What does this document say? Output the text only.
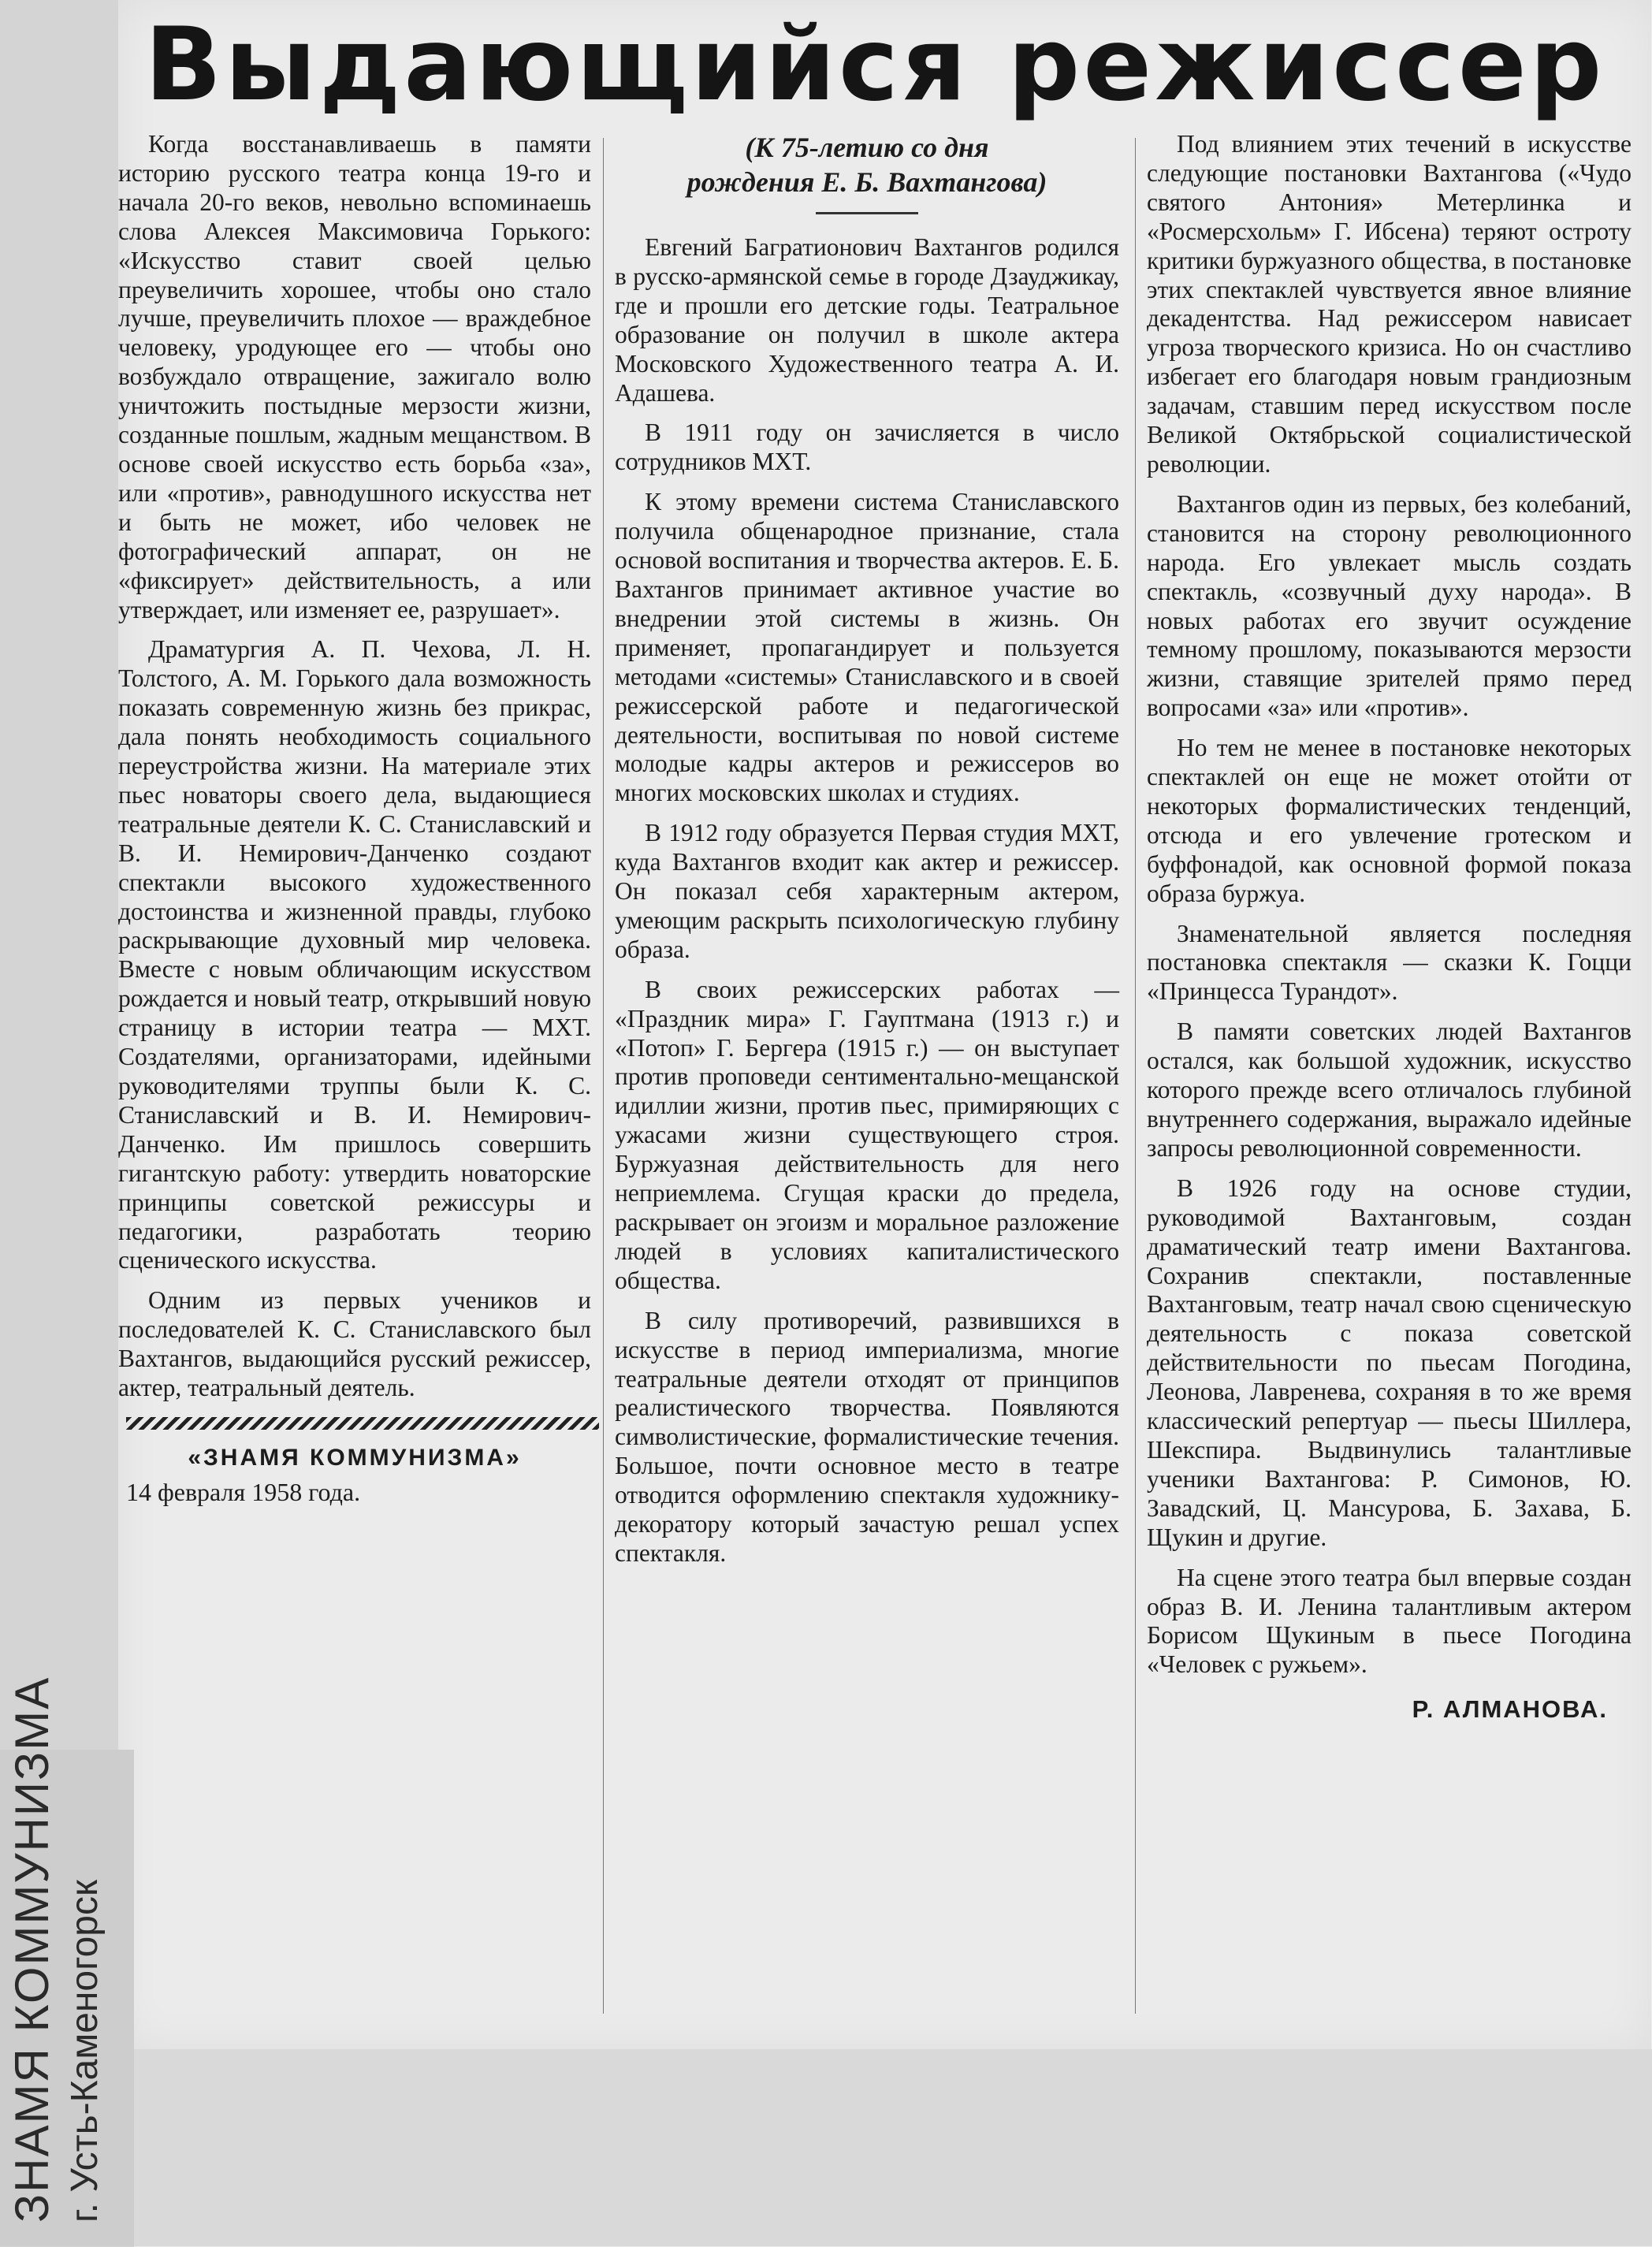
ЗНАМЯ КОММУНИЗМА г. Усть-Каменогорск
Выдающийся режиссер

Когда восстанавливаешь в памяти историю русского театра конца 19-го и начала 20-го веков, невольно вспоминаешь слова Алексея Максимовича Горького: «Искусство ставит своей целью преувеличить хорошее, чтобы оно стало лучше, преувеличить плохое — враждебное человеку, уродующее его — чтобы оно возбуждало отвращение, зажигало волю уничтожить постыдные мерзости жизни, созданные пошлым, жадным мещанством. В основе своей искусство есть борьба «за», или «против», равнодушного искусства нет и быть не может, ибо человек не фотографический аппарат, он не «фиксирует» действительность, а или утверждает, или изменяет ее, разрушает».

Драматургия А. П. Чехова, Л. Н. Толстого, А. М. Горького дала возможность показать современную жизнь без прикрас, дала понять необходимость социального переустройства жизни. На материале этих пьес новаторы своего дела, выдающиеся театральные деятели К. С. Станиславский и В. И. Немирович-Данченко создают спектакли высокого художественного достоинства и жизненной правды, глубоко раскрывающие духовный мир человека. Вместе с новым обличающим искусством рождается и новый театр, открывший новую страницу в истории театра — МХТ. Создателями, организаторами, идейными руководителями труппы были К. С. Станиславский и В. И. Немирович-Данченко. Им пришлось совершить гигантскую работу: утвердить новаторские принципы советской режиссуры и педагогики, разработать теорию сценического искусства.

Одним из первых учеников и последователей К. С. Станиславского был Вахтангов, выдающийся русский режиссер, актер, театральный деятель.

«ЗНАМЯ КОММУНИЗМА»
14 февраля 1958 года.
(К 75-летию со дня
рождения Е. Б. Вахтангова)

Евгений Багратионович Вахтангов родился в русско-армянской семье в городе Дзауджикау, где и прошли его детские годы. Театральное образование он получил в школе актера Московского Художественного театра А. И. Адашева.

В 1911 году он зачисляется в число сотрудников МХТ.

К этому времени система Станиславского получила общенародное признание, стала основой воспитания и творчества актеров. Е. Б. Вахтангов принимает активное участие во внедрении этой системы в жизнь. Он применяет, пропагандирует и пользуется методами «системы» Станиславского и в своей режиссерской работе и педагогической деятельности, воспитывая по новой системе молодые кадры актеров и режиссеров во многих московских школах и студиях.

В 1912 году образуется Первая студия МХТ, куда Вахтангов входит как актер и режиссер. Он показал себя характерным актером, умеющим раскрыть психологическую глубину образа.

В своих режиссерских работах — «Праздник мира» Г. Гауптмана (1913 г.) и «Потоп» Г. Бергера (1915 г.) — он выступает против проповеди сентиментально-мещанской идиллии жизни, против пьес, примиряющих с ужасами жизни существующего строя. Буржуазная действительность для него неприемлема. Сгущая краски до предела, раскрывает он эгоизм и моральное разложение людей в условиях капиталистического общества.

В силу противоречий, развившихся в искусстве в период империализма, многие театральные деятели отходят от принципов реалистического творчества. Появляются символистические, формалистические течения. Большое, почти основное место в театре отводится оформлению спектакля художнику-декоратору который зачастую решал успех спектакля.

Под влиянием этих течений в искусстве следующие постановки Вахтангова («Чудо святого Антония» Метерлинка и «Росмерсхольм» Г. Ибсена) теряют остроту критики буржуазного общества, в постановке этих спектаклей чувствуется явное влияние декадентства. Над режиссером нависает угроза творческого кризиса. Но он счастливо избегает его благодаря новым грандиозным задачам, ставшим перед искусством после Великой Октябрьской социалистической революции.

Вахтангов один из первых, без колебаний, становится на сторону революционного народа. Его увлекает мысль создать спектакль, «созвучный духу народа». В новых работах его звучит осуждение темному прошлому, показываются мерзости жизни, ставящие зрителей прямо перед вопросами «за» или «против».

Но тем не менее в постановке некоторых спектаклей он еще не может отойти от некоторых формалистических тенденций, отсюда и его увлечение гротеском и буффонадой, как основной формой показа образа буржуа.

Знаменательной является последняя постановка спектакля — сказки К. Гоцци «Принцесса Турандот».

В памяти советских людей Вахтангов остался, как большой художник, искусство которого прежде всего отличалось глубиной внутреннего содержания, выражало идейные запросы революционной современности.

В 1926 году на основе студии, руководимой Вахтанговым, создан драматический театр имени Вахтангова. Сохранив спектакли, поставленные Вахтанговым, театр начал свою сценическую деятельность с показа советской действительности по пьесам Погодина, Леонова, Лавренева, сохраняя в то же время классический репертуар — пьесы Шиллера, Шекспира. Выдвинулись талантливые ученики Вахтангова: Р. Симонов, Ю. Завадский, Ц. Мансурова, Б. Захава, Б. Щукин и другие.

На сцене этого театра был впервые создан образ В. И. Ленина талантливым актером Борисом Щукиным в пьесе Погодина «Человек с ружьем».

Р. АЛМАНОВА.
